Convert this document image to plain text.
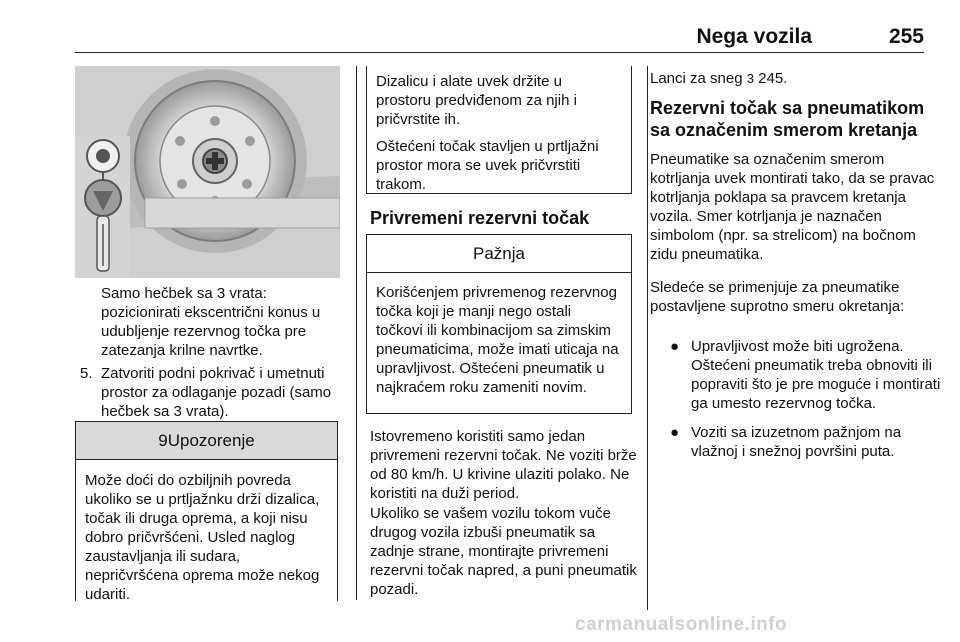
Nega vozila	255
Samo hečbek sa 3 vrata: pozicionirati ekscentrični konus u udubljenje rezervnog točka pre zatezanja krilne navrtke.
5. Zatvoriti podni pokrivač i umetnuti prostor za odlaganje pozadi (samo hečbek sa 3 vrata).
9Upozorenje
Može doći do ozbiljnih povreda ukoliko se u prtljažnku drži dizalica, točak ili druga oprema, a koji nisu dobro pričvršćeni. Usled naglog zaustavljanja ili sudara, nepričvršćena oprema može nekog udariti.
Dizalicu i alate uvek držite u prostoru predviđenom za njih i pričvrstite ih.
Oštećeni točak stavljen u prtljažni prostor mora se uvek pričvrstiti trakom.
Privremeni rezervni točak
Pažnja
Korišćenjem privremenog rezervnog točka koji je manji nego ostali točkovi ili kombinacijom sa zimskim pneumaticima, može imati uticaja na upravljivost. Oštećeni pneumatik u najkraćem roku zameniti novim.
Istovremeno koristiti samo jedan privremeni rezervni točak. Ne voziti brže od 80 km/h. U krivine ulaziti polako. Ne koristiti na duži period.
Ukoliko se vašem vozilu tokom vuče drugog vozila izbuši pneumatik sa zadnje strane, montirajte privremeni rezervni točak napred, a puni pneumatik pozadi.
Lanci za sneg 3 245.
Rezervni točak sa pneumatikom sa označenim smerom kretanja
Pneumatike sa označenim smerom kotrljanja uvek montirati tako, da se pravac kotrljanja poklapa sa pravcem kretanja vozila. Smer kotrljanja je naznačen simbolom (npr. sa strelicom) na bočnom zidu pneumatika.
Sledeće se primenjuje za pneumatike postavljene suprotno smeru okretanja:
● Upravljivost može biti ugrožena. Oštećeni pneumatik treba obnoviti ili popraviti što je pre moguće i montirati ga umesto rezervnog točka.
● Voziti sa izuzetnom pažnjom na vlažnoj i snežnoj površini puta.
carmanualsonline.info
